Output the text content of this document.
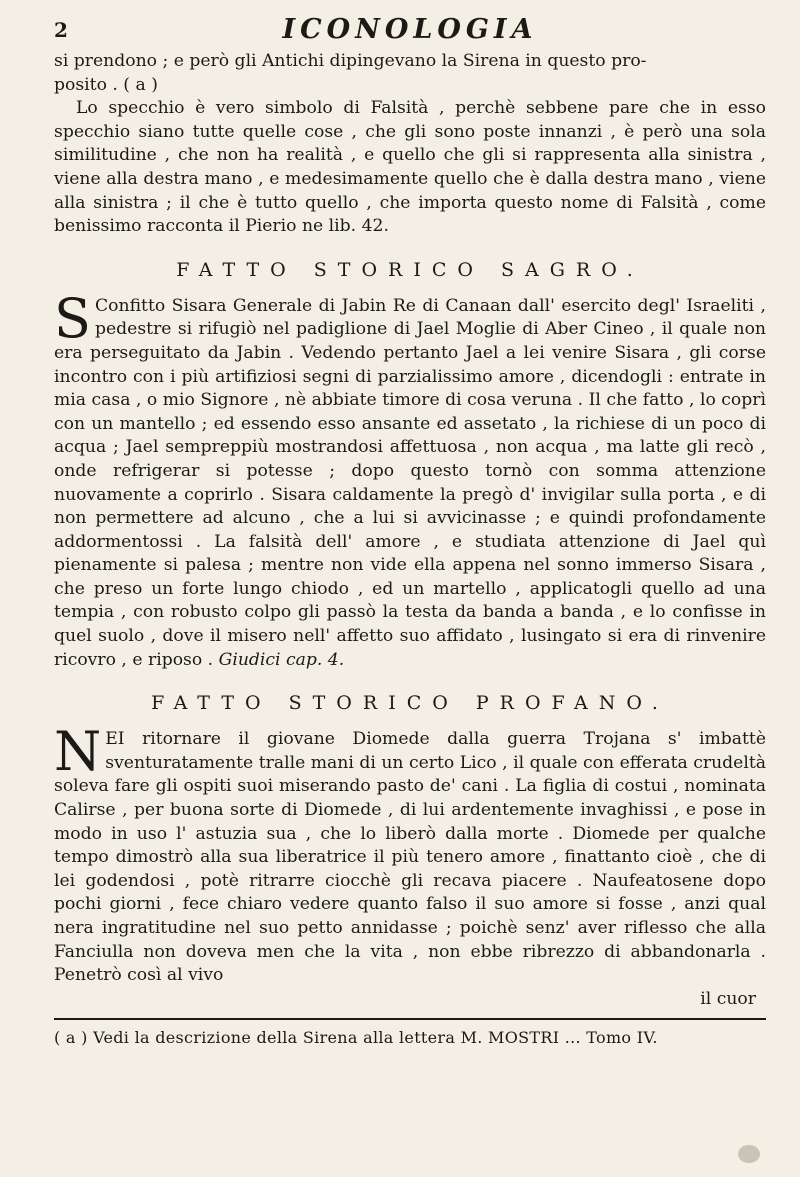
2	ICONOLOGIA

si prendono ; e però gli Antichi dipingevano la Sirena in questo pro-

posito . ( a )

Lo specchio è vero simbolo di Falsità , perchè sebbene pare che in esso specchio siano tutte quelle cose , che gli sono poste innanzi , è però una sola similitudine , che non ha realità , e quello che gli si rappresenta alla sinistra , viene alla destra mano , e medesimamente quello che è dalla destra mano , viene alla sinistra ; il che è tutto quello , che importa questo nome di Falsità , come benissimo racconta il Pierio ne lib. 42.

FATTO STORICO SAGRO.

S Confitto Sisara Generale di Jabin Re di Canaan dall' esercito degl' Israeliti , pedestre si rifugiò nel padiglione di Jael Moglie di Aber Cineo , il quale non era perseguitato da Jabin . Vedendo pertanto Jael a lei venire Sisara , gli corse incontro con i più artifiziosi segni di parzialissimo amore , dicendogli : entrate in mia casa , o mio Signore , nè abbiate timore di cosa veruna . Il che fatto , lo coprì con un mantello ; ed essendo esso ansante ed assetato , la richiese di un poco di acqua ; Jael sempreppiù mostrandosi affettuosa , non acqua , ma latte gli recò , onde refrigerar si potesse ; dopo questo tornò con somma attenzione nuovamente a coprirlo . Sisara caldamente la pregò d' invigilar sulla porta , e di non permettere ad alcuno , che a lui si avvicinasse ; e quindi profondamente addormentossi . La falsità dell' amore , e studiata attenzione di Jael quì pienamente si palesa ; mentre non vide ella appena nel sonno immerso Sisara , che preso un forte lungo chiodo , ed un martello , applicatogli quello ad una tempia , con robusto colpo gli passò la testa da banda a banda , e lo confisse in quel suolo , dove il misero nell' affetto suo affidato , lusingato si era di rinvenire ricovro , e riposo . Giudici cap. 4.

FATTO STORICO PROFANO.

NEI ritornare il giovane Diomede dalla guerra Trojana s' imbattè sventuratamente tralle mani di un certo Lico , il quale con efferata crudeltà soleva fare gli ospiti suoi miserando pasto de' cani . La figlia di costui , nominata Calirse , per buona sorte di Diomede , di lui ardentemente invaghissi , e pose in modo in uso l' astuzia sua , che lo liberò dalla morte . Diomede per qualche tempo dimostrò alla sua liberatrice il più tenero amore , finattanto cioè , che di lei godendosi , potè ritrarre ciocchè gli recava piacere . Naufeatosene dopo pochi giorni , fece chiaro vedere quanto falso il suo amore si fosse , anzi qual nera ingratitudine nel suo petto annidasse ; poichè senz' aver riflesso che alla Fanciulla non doveva men che la vita , non ebbe ribrezzo di abbandonarla . Penetrò così al vivo

il cuor
( a ) Vedi la descrizione della Sirena alla lettera M. MOSTRI ... Tomo IV.
